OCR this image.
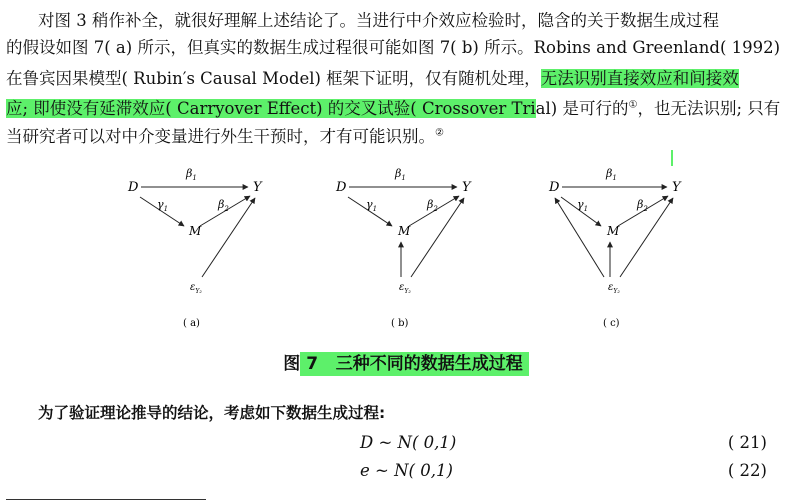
对图 3 稍作补全，就很好理解上述结论了。当进行中介效应检验时，隐含的关于数据生成过程
的假设如图 7( a) 所示，但真实的数据生成过程很可能如图 7( b) 所示。Robins and Greenland( 1992)
在鲁宾因果模型( Rubin′s Causal Model) 框架下证明，仅有随机处理，无法识别直接效应和间接效
应; 即使没有延滞效应( Carryover Effect) 的交叉试验( Crossover Trial) 是可行的①，也无法识别; 只有
当研究者可以对中介变量进行外生干预时，才有可能识别。②
D	Y
M
$\beta_1$
$\gamma_1$	$\beta_2$
$\varepsilon_{Y_2}$
( a)
D	Y
M
$\beta_1$
$\gamma_1$	$\beta_2$
$\varepsilon_{Y_2}$
( b)
D	Y
M
$\beta_1$
$\gamma_1$	$\beta_2$
$\varepsilon_{Y_2}$
( c)
图 7 三种不同的数据生成过程
为了验证理论推导的结论，考虑如下数据生成过程:
D ~ N( 0,1)	( 21)
e ~ N( 0,1)	( 22)
